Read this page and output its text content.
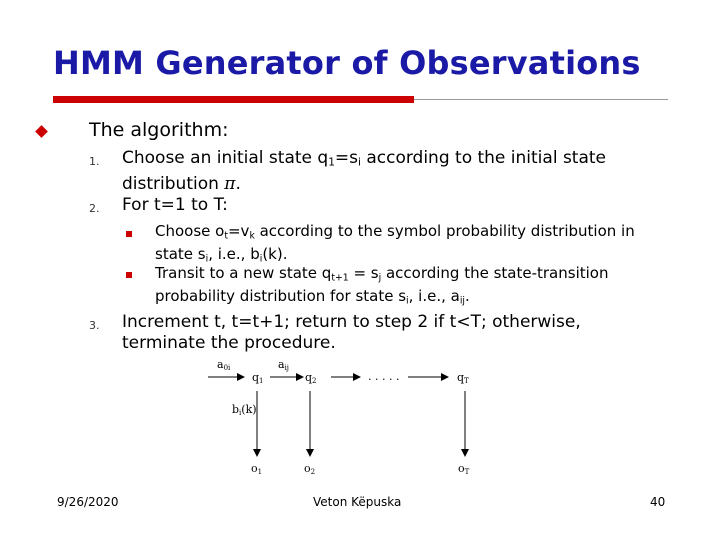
HMM Generator of Observations
The algorithm:
1. Choose an initial state $q_1=s_i$ according to the initial state distribution π.
2. For t=1 to T:
Choose $o_t=v_k$ according to the symbol probability distribution in state $s_i$, i.e., $b_i(k)$.
Transit to a new state $q_{t+1} = s_j$ according the state-transition probability distribution for state $s_i$, i.e., $a_{ij}$.
3. Increment t, t=t+1; return to step 2 if t<T; otherwise, terminate the procedure.
a0i	aij
q1	q2	. . . . .	qT
bi(k)
o1	o2	oT
9/26/2020	Veton Këpuska	40
